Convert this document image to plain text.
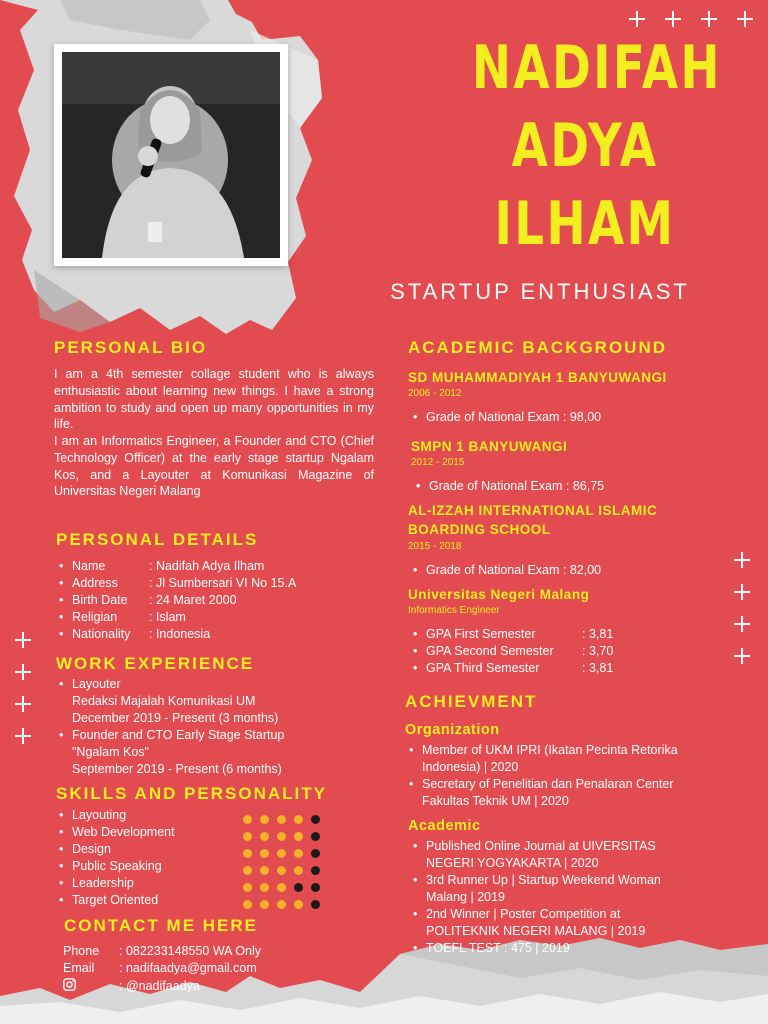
NADIFAH
ADYA
ILHAM
STARTUP ENTHUSIAST
PERSONAL BIO
I am a 4th semester collage student who is always enthusiastic about learning new things. I have a strong ambition to study and open up many opportunities in my life.
I am an Informatics Engineer, a Founder and CTO (Chief Technology Officer) at the early stage startup Ngalam Kos, and a Layouter at Komunikasi Magazine of Universitas Negeri Malang
PERSONAL DETAILS
• Name	: Nadifah Adya Ilham
• Address : Jl Sumbersari VI No 15.A
• Birth Date : 24 Maret 2000
• Religian	: Islam
• Nationality : Indonesia
WORK EXPERIENCE
• Layouter
Redaksi Majalah Komunikasi UM
December 2019 - Present (3 months)
• Founder and CTO Early Stage Startup
"Ngalam Kos"
September 2019 - Present (6 months)
SKILLS AND PERSONALITY
• Layouting
• Web Development
• Design
• Public Speaking
• Leadership
• Target Oriented
CONTACT ME HERE
Phone : 082233148550 WA Only
Email : nadifaadya@gmail.com
: @nadifaadya
ACADEMIC BACKGROUND
SD MUHAMMADIYAH 1 BANYUWANGI
2006 - 2012
• Grade of National Exam : 98,00
SMPN 1 BANYUWANGI
2012 - 2015
• Grade of National Exam : 86,75
AL-IZZAH INTERNATIONAL ISLAMIC
BOARDING SCHOOL
2015 - 2018
• Grade of National Exam : 82,00
Universitas Negeri Malang
Informatics Engineer
• GPA First Semester	: 3,81
• GPA Second Semester : 3,70
• GPA Third Semester	: 3,81
ACHIEVMENT
Organization
• Member of UKM IPRI (Ikatan Pecinta Retorika
Indonesia) | 2020
• Secretary of Penelitian dan Penalaran Center
Fakultas Teknik UM | 2020
Academic
• Published Online Journal at UIVERSITAS
NEGERI YOGYAKARTA | 2020
• 3rd Runner Up | Startup Weekend Woman
Malang | 2019
• 2nd Winner | Poster Competition at
POLITEKNIK NEGERI MALANG | 2019
• TOEFL TEST : 475 | 2019
